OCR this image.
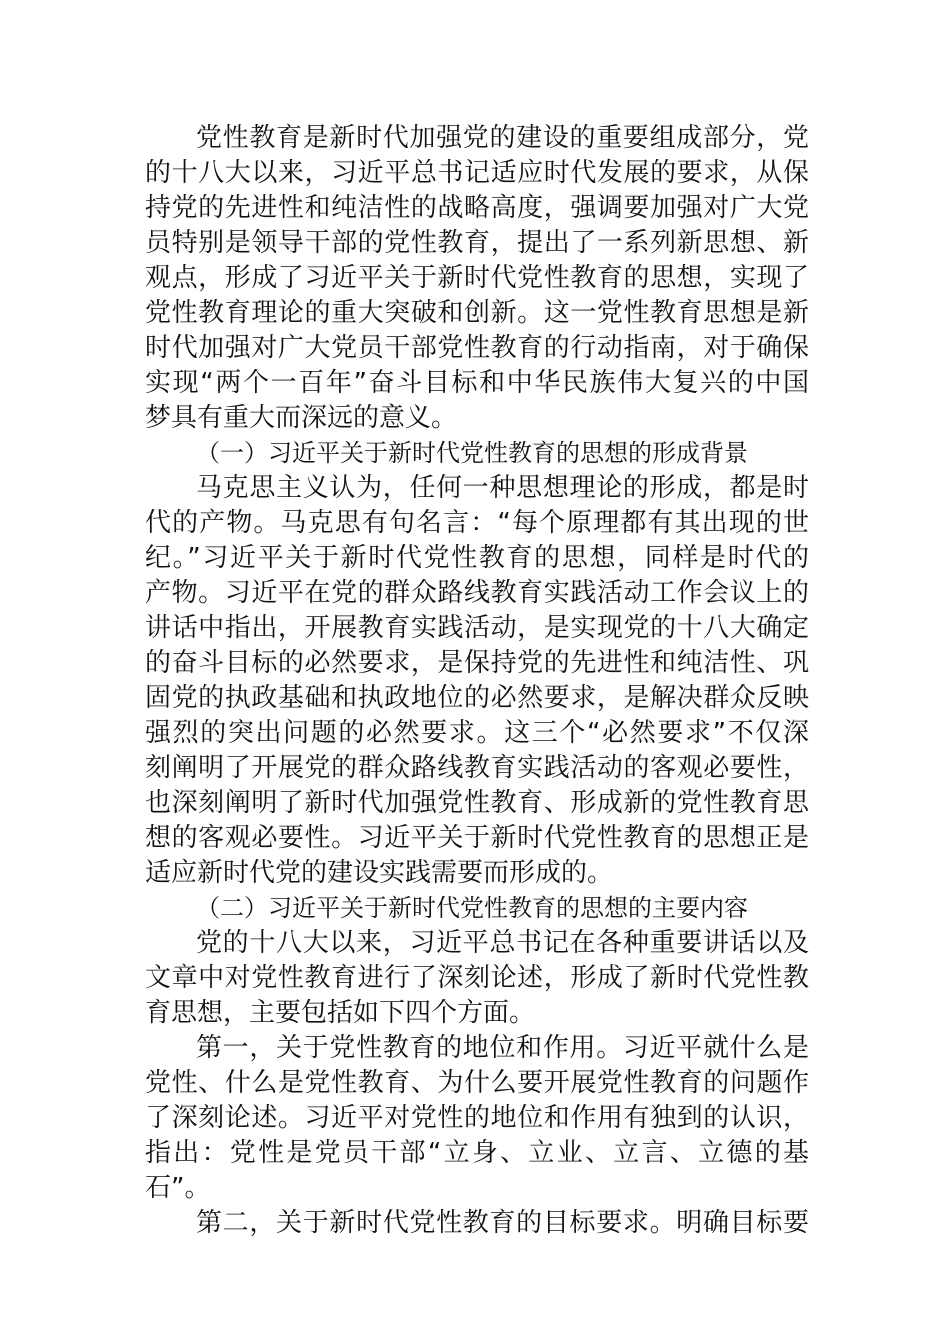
党性教育是新时代加强党的建设的重要组成部分，党
的十八大以来，习近平总书记适应时代发展的要求，从保
持党的先进性和纯洁性的战略高度，强调要加强对广大党
员特别是领导干部的党性教育，提出了一系列新思想、新
观点，形成了习近平关于新时代党性教育的思想，实现了
党性教育理论的重大突破和创新。这一党性教育思想是新
时代加强对广大党员干部党性教育的行动指南，对于确保
实现“两个一百年”奋斗目标和中华民族伟大复兴的中国
梦具有重大而深远的意义。
（一）习近平关于新时代党性教育的思想的形成背景
马克思主义认为，任何一种思想理论的形成，都是时
代的产物。马克思有句名言：“每个原理都有其出现的世
纪。”习近平关于新时代党性教育的思想，同样是时代的
产物。习近平在党的群众路线教育实践活动工作会议上的
讲话中指出，开展教育实践活动，是实现党的十八大确定
的奋斗目标的必然要求，是保持党的先进性和纯洁性、巩
固党的执政基础和执政地位的必然要求，是解决群众反映
强烈的突出问题的必然要求。这三个“必然要求”不仅深
刻阐明了开展党的群众路线教育实践活动的客观必要性，
也深刻阐明了新时代加强党性教育、形成新的党性教育思
想的客观必要性。习近平关于新时代党性教育的思想正是
适应新时代党的建设实践需要而形成的。
（二）习近平关于新时代党性教育的思想的主要内容
党的十八大以来，习近平总书记在各种重要讲话以及
文章中对党性教育进行了深刻论述，形成了新时代党性教
育思想，主要包括如下四个方面。
第一，关于党性教育的地位和作用。习近平就什么是
党性、什么是党性教育、为什么要开展党性教育的问题作
了深刻论述。习近平对党性的地位和作用有独到的认识，
指出：党性是党员干部“立身、立业、立言、立德的基
石”。
第二，关于新时代党性教育的目标要求。明确目标要
